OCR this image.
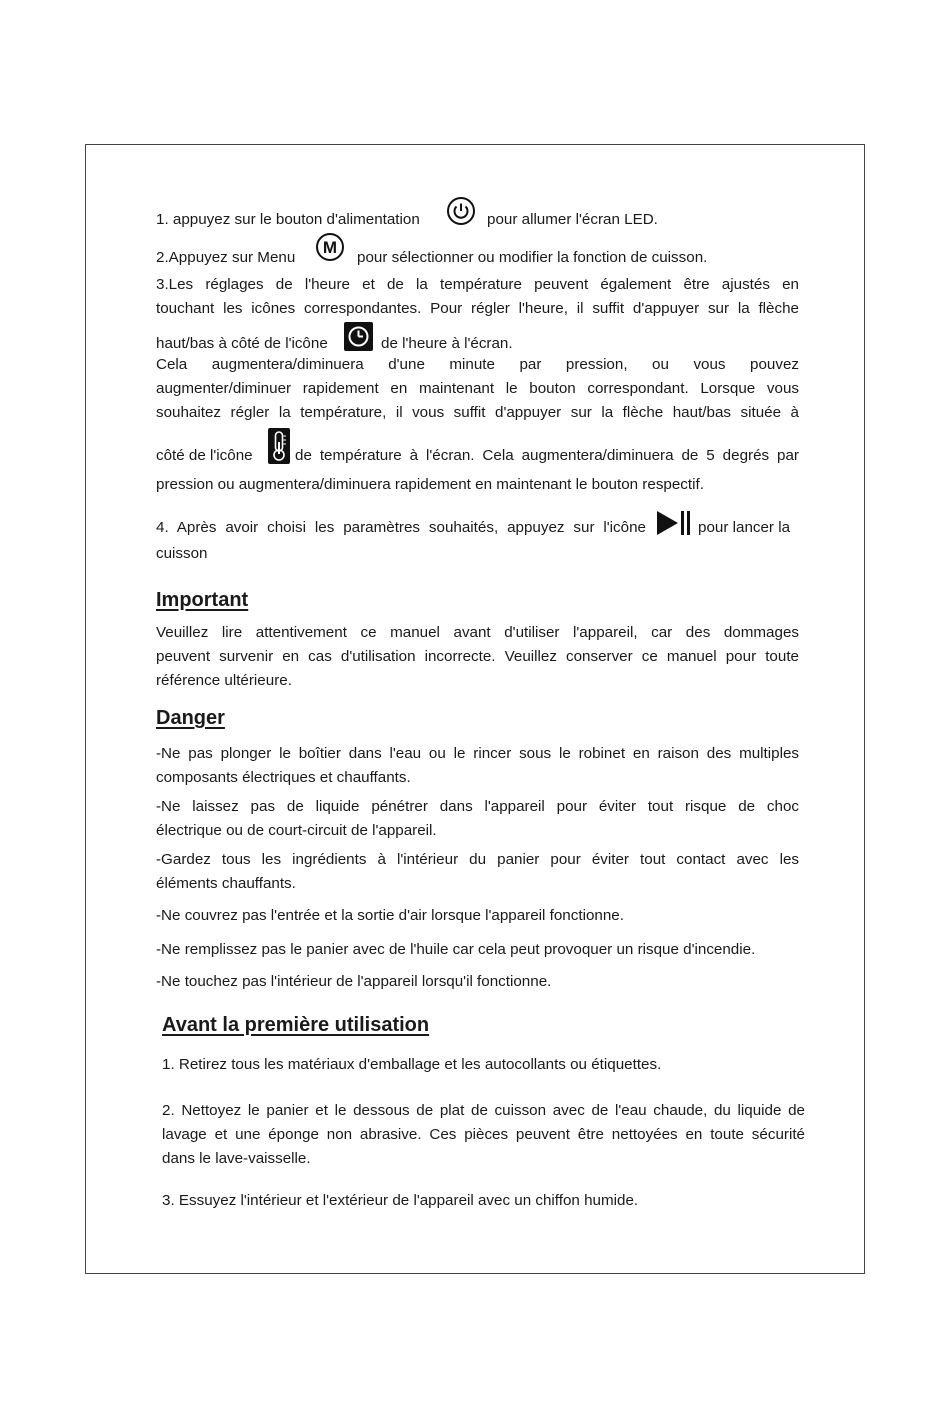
1. appuyez sur le bouton d'alimentation	pour allumer l'écran LED.
2.Appuyez sur Menu
M
pour sélectionner ou modifier la fonction de cuisson.
3.Les réglages de l'heure et de la température peuvent également être ajustés en
touchant les icônes correspondantes. Pour régler l'heure, il suffit d'appuyer sur la flèche
haut/bas à côté de l'icône	de l'heure à l'écran.
Cela augmentera/diminuera d'une minute par pression, ou vous pouvez
augmenter/diminuer rapidement en maintenant le bouton correspondant. Lorsque vous
souhaitez régler la température, il vous suffit d'appuyer sur la flèche haut/bas située à
côté de l'icône	de température à l'écran. Cela augmentera/diminuera de 5 degrés par
pression ou augmentera/diminuera rapidement en maintenant le bouton respectif.
4. Après avoir choisi les paramètres souhaités, appuyez sur l'icône	pour lancer la
cuisson
Important
Veuillez lire attentivement ce manuel avant d'utiliser l'appareil, car des dommages
peuvent survenir en cas d'utilisation incorrecte. Veuillez conserver ce manuel pour toute
référence ultérieure.
Danger
-Ne pas plonger le boîtier dans l'eau ou le rincer sous le robinet en raison des multiples
composants électriques et chauffants.
-Ne laissez pas de liquide pénétrer dans l'appareil pour éviter tout risque de choc
électrique ou de court-circuit de l'appareil.
-Gardez tous les ingrédients à l'intérieur du panier pour éviter tout contact avec les
éléments chauffants.
-Ne couvrez pas l'entrée et la sortie d'air lorsque l'appareil fonctionne.
-Ne remplissez pas le panier avec de l'huile car cela peut provoquer un risque d'incendie.
-Ne touchez pas l'intérieur de l'appareil lorsqu'il fonctionne.
Avant la première utilisation
1. Retirez tous les matériaux d'emballage et les autocollants ou étiquettes.
2. Nettoyez le panier et le dessous de plat de cuisson avec de l'eau chaude, du liquide de
lavage et une éponge non abrasive. Ces pièces peuvent être nettoyées en toute sécurité
dans le lave-vaisselle.
3. Essuyez l'intérieur et l'extérieur de l'appareil avec un chiffon humide.
